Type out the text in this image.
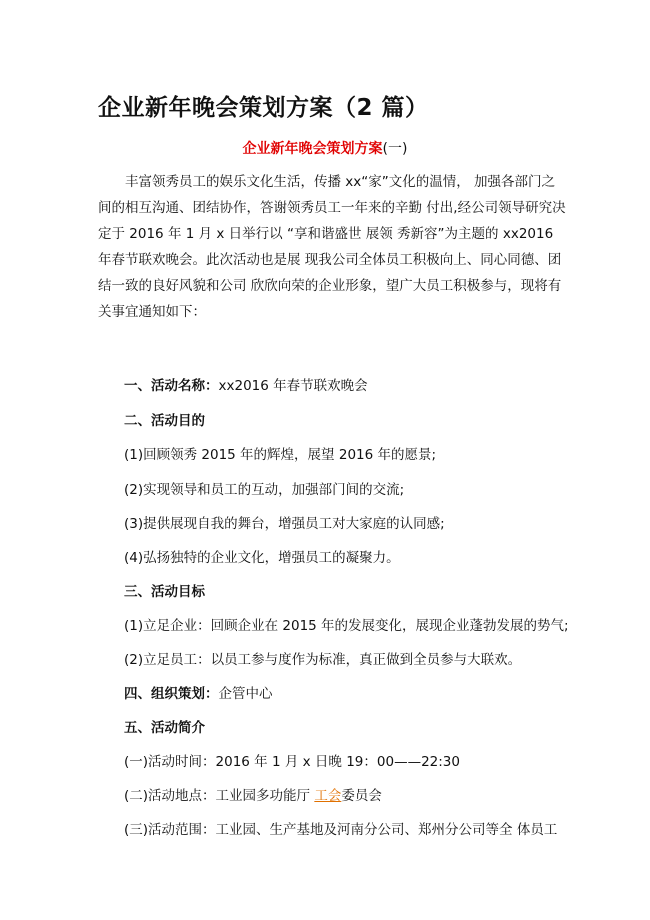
企业新年晚会策划方案（2 篇）
企业新年晚会策划方案(一)
丰富领秀员工的娱乐文化生活，传播 xx“家”文化的温情， 加强各部门之
间的相互沟通、团结协作，答谢领秀员工一年来的辛勤 付出,经公司领导研究决
定于 2016 年 1 月 x 日举行以 “享和谐盛世 展领 秀新容”为主题的 xx2016
年春节联欢晚会。此次活动也是展 现我公司全体员工积极向上、同心同德、团
结一致的良好风貌和公司 欣欣向荣的企业形象，望广大员工积极参与，现将有
关事宜通知如下：
一、活动名称：xx2016 年春节联欢晚会
二、活动目的
(1)回顾领秀 2015 年的辉煌，展望 2016 年的愿景;
(2)实现领导和员工的互动，加强部门间的交流;
(3)提供展现自我的舞台，增强员工对大家庭的认同感;
(4)弘扬独特的企业文化，增强员工的凝聚力。
三、活动目标
(1)立足企业：回顾企业在 2015 年的发展变化，展现企业蓬勃发展的势气;
(2)立足员工：以员工参与度作为标准，真正做到全员参与大联欢。
四、组织策划：企管中心
五、活动简介
(一)活动时间：2016 年 1 月 x 日晚 19：00——22:30
(二)活动地点：工业园多功能厅 工会委员会
(三)活动范围：工业园、生产基地及河南分公司、郑州分公司等全 体员工
